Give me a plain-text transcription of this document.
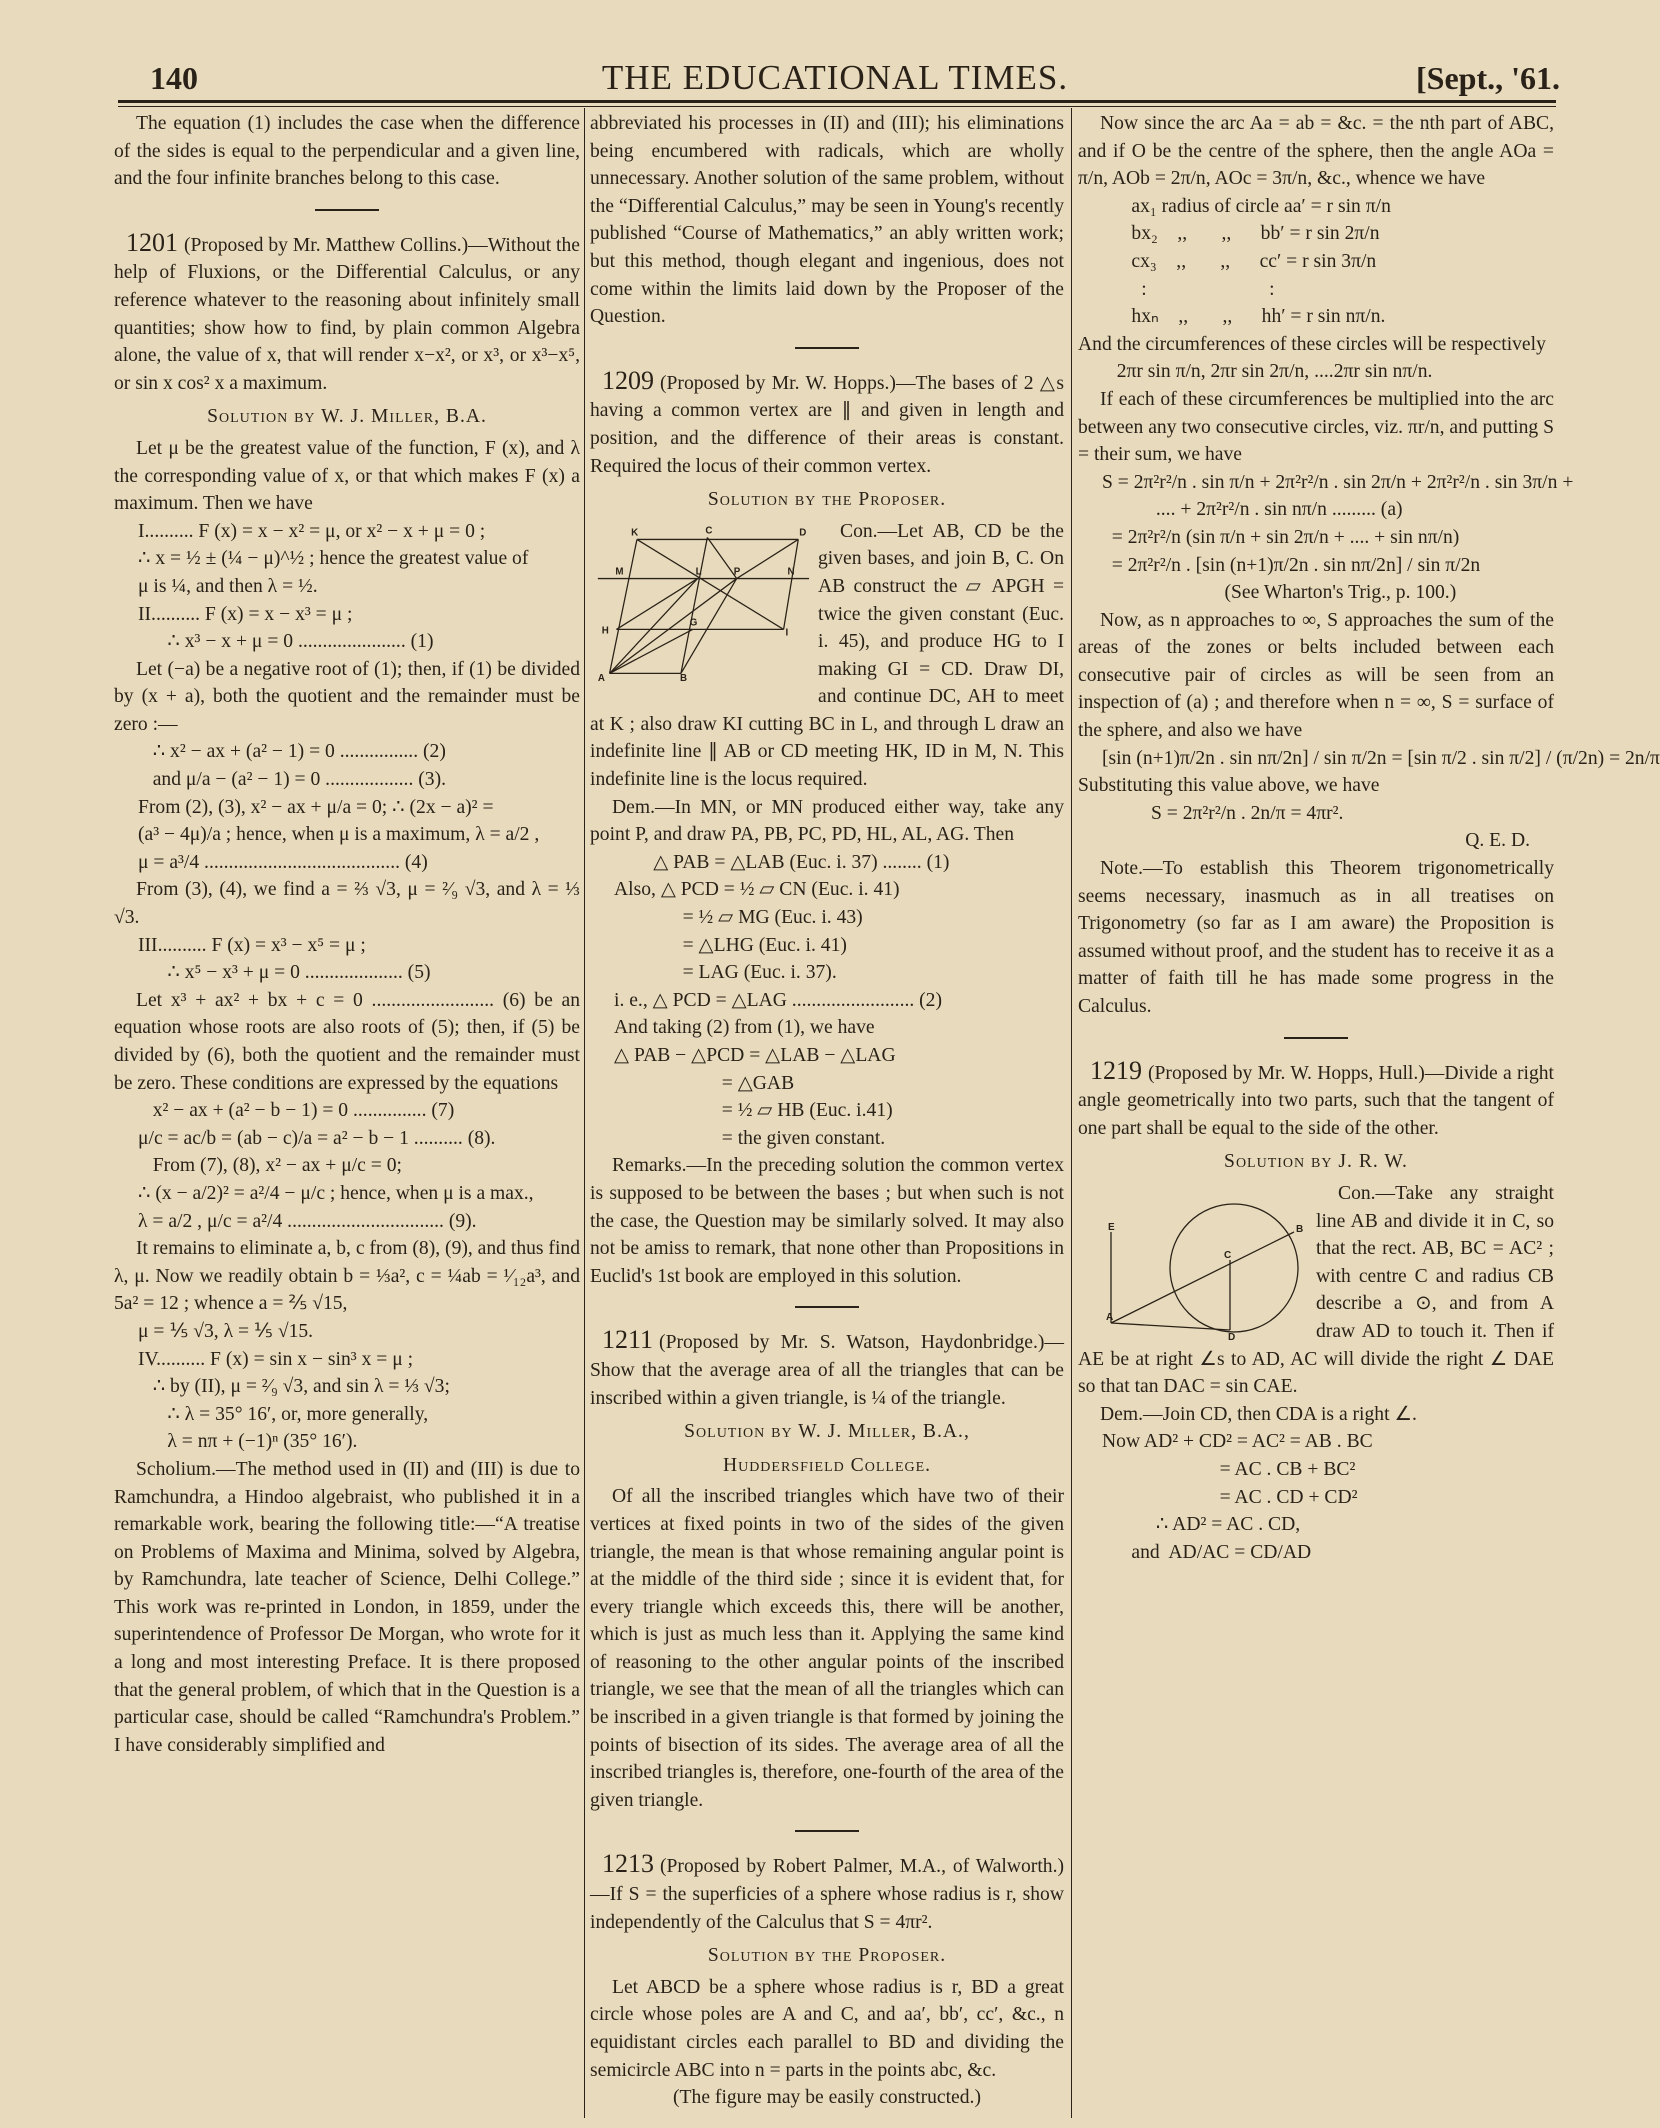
140	THE EDUCATIONAL TIMES.	[Sept., '61.

The equation (1) includes the case when the difference of the sides is equal to the perpendicular and a given line, and the four infinite branches belong to this case.

1201 (Proposed by Mr. Matthew Collins.)—Without the help of Fluxions, or the Differential Calculus, or any reference whatever to the reasoning about infinitely small quantities; show how to find, by plain common Algebra alone, the value of x, that will render x−x², or x³, or x³−x⁵, or sin x cos² x a maximum.

Solution by W. J. Miller, B.A.

Let μ be the greatest value of the function, F (x), and λ the corresponding value of x, or that which makes F (x) a maximum. Then we have

I.......... F (x) = x − x² = μ, or x² − x + μ = 0 ;

∴ x = ½ ± (¼ − μ)^½ ; hence the greatest value of

μ is ¼, and then λ = ½.

II.......... F (x) = x − x³ = μ ;

∴ x³ − x + μ = 0 ...................... (1)

Let (−a) be a negative root of (1); then, if (1) be divided by (x + a), both the quotient and the remainder must be zero :—

∴ x² − ax + (a² − 1) = 0 ................ (2)

and μ/a − (a² − 1) = 0 .................. (3).

From (2), (3), x² − ax + μ/a = 0; ∴ (2x − a)² =

(a³ − 4μ)/a ; hence, when μ is a maximum, λ = a/2 ,

μ = a³/4 ........................................ (4)

From (3), (4), we find a = ⅔ √3, μ = ²⁄₉ √3, and λ = ⅓ √3.

III.......... F (x) = x³ − x⁵ = μ ;

∴ x⁵ − x³ + μ = 0 .................... (5)

Let x³ + ax² + bx + c = 0 ......................... (6) be an equation whose roots are also roots of (5); then, if (5) be divided by (6), both the quotient and the remainder must be zero. These conditions are expressed by the equations

x² − ax + (a² − b − 1) = 0 ............... (7)

μ/c = ac/b = (ab − c)/a = a² − b − 1 .......... (8).

From (7), (8), x² − ax + μ/c = 0;

∴ (x − a/2)² = a²/4 − μ/c ; hence, when μ is a max.,

λ = a/2 , μ/c = a²/4 ................................ (9).

It remains to eliminate a, b, c from (8), (9), and thus find λ, μ. Now we readily obtain b = ⅓a², c = ¼ab = ¹⁄₁₂a³, and 5a² = 12 ; whence a = ⅖ √15,

μ = ⅕ √3, λ = ⅕ √15.

IV.......... F (x) = sin x − sin³ x = μ ;

∴ by (II), μ = ²⁄₉ √3, and sin λ = ⅓ √3;

∴ λ = 35° 16′, or, more generally,

λ = nπ + (−1)ⁿ (35° 16′).

Scholium.—The method used in (II) and (III) is due to Ramchundra, a Hindoo algebraist, who published it in a remarkable work, bearing the following title:—“A treatise on Problems of Maxima and Minima, solved by Algebra, by Ramchundra, late teacher of Science, Delhi College.” This work was re-printed in London, in 1859, under the superintendence of Professor De Morgan, who wrote for it a long and most interesting Preface. It is there proposed that the general problem, of which that in the Question is a particular case, should be called “Ramchundra's Problem.” I have considerably simplified and

abbreviated his processes in (II) and (III); his eliminations being encumbered with radicals, which are wholly unnecessary. Another solution of the same problem, without the “Differential Calculus,” may be seen in Young's recently published “Course of Mathematics,” an ably written work; but this method, though elegant and ingenious, does not come within the limits laid down by the Proposer of the Question.

1209 (Proposed by Mr. W. Hopps.)—The bases of 2 △s having a common vertex are ∥ and given in length and position, and the difference of their areas is constant. Required the locus of their common vertex.

Solution by the Proposer.

K	C	D
M	L	P	N
H
G
I
A	B

Con.—Let AB, CD be the given bases, and join B, C. On AB construct the ▱ APGH = twice the given constant (Euc. i. 45), and produce HG to I making GI = CD. Draw DI, and continue DC, AH to meet at K ; also draw KI cutting BC in L, and through L draw an indefinite line ∥ AB or CD meeting HK, ID in M, N. This indefinite line is the locus required.

Dem.—In MN, or MN produced either way, take any point P, and draw PA, PB, PC, PD, HL, AL, AG. Then

△ PAB = △LAB (Euc. i. 37) ........ (1)

Also, △ PCD = ½ ▱ CN (Euc. i. 41)

= ½ ▱ MG (Euc. i. 43)

= △LHG (Euc. i. 41)

= LAG (Euc. i. 37).

i. e., △ PCD = △LAG ......................... (2)

And taking (2) from (1), we have

△ PAB − △PCD = △LAB − △LAG

= △GAB

= ½ ▱ HB (Euc. i.41)

= the given constant.

Remarks.—In the preceding solution the common vertex is supposed to be between the bases ; but when such is not the case, the Question may be similarly solved. It may also not be amiss to remark, that none other than Propositions in Euclid's 1st book are employed in this solution.

1211 (Proposed by Mr. S. Watson, Haydonbridge.)—Show that the average area of all the triangles that can be inscribed within a given triangle, is ¼ of the triangle.

Solution by W. J. Miller, B.A.,

Huddersfield College.

Of all the inscribed triangles which have two of their vertices at fixed points in two of the sides of the given triangle, the mean is that whose remaining angular point is at the middle of the third side ; since it is evident that, for every triangle which exceeds this, there will be another, which is just as much less than it. Applying the same kind of reasoning to the other angular points of the inscribed triangle, we see that the mean of all the triangles which can be inscribed in a given triangle is that formed by joining the points of bisection of its sides. The average area of all the inscribed triangles is, therefore, one-fourth of the area of the given triangle.

1213 (Proposed by Robert Palmer, M.A., of Walworth.)—If S = the superficies of a sphere whose radius is r, show independently of the Calculus that S = 4πr².

Solution by the Proposer.

Let ABCD be a sphere whose radius is r, BD a great circle whose poles are A and C, and aa′, bb′, cc′, &c., n equidistant circles each parallel to BD and dividing the semicircle ABC into n = parts in the points abc, &c.

(The figure may be easily constructed.)

Now since the arc Aa = ab = &c. = the nth part of ABC, and if O be the centre of the sphere, then the angle AOa = π/n, AOb = 2π/n, AOc = 3π/n, &c., whence we have

ax₁ radius of circle aa′ = r sin π/n

bx₂    ,,       ,,      bb′ = r sin 2π/n

cx₃    ,,       ,,      cc′ = r sin 3π/n

:                         :

hxₙ    ,,       ,,      hh′ = r sin nπ/n.

And the circumferences of these circles will be respectively

2πr sin π/n, 2πr sin 2π/n, ....2πr sin nπ/n.

If each of these circumferences be multiplied into the arc between any two consecutive circles, viz. πr/n, and putting S = their sum, we have

S = 2π²r²/n . sin π/n + 2π²r²/n . sin 2π/n + 2π²r²/n . sin 3π/n +

.... + 2π²r²/n . sin nπ/n ......... (a)

= 2π²r²/n (sin π/n + sin 2π/n + .... + sin nπ/n)

= 2π²r²/n . [sin (n+1)π/2n . sin nπ/2n] / sin π/2n

(See Wharton's Trig., p. 100.)

Now, as n approaches to ∞, S approaches the sum of the areas of the zones or belts included between each consecutive pair of circles as will be seen from an inspection of (a) ; and therefore when n = ∞, S = surface of the sphere, and also we have

[sin (n+1)π/2n . sin nπ/2n] / sin π/2n = [sin π/2 . sin π/2] / (π/2n) = 2n/π

Substituting this value above, we have

S = 2π²r²/n . 2n/π = 4πr².

Q. E. D.

Note.—To establish this Theorem trigonometrically seems necessary, inasmuch as in all treatises on Trigonometry (so far as I am aware) the Proposition is assumed without proof, and the student has to receive it as a matter of faith till he has made some progress in the Calculus.

1219 (Proposed by Mr. W. Hopps, Hull.)—Divide a right angle geometrically into two parts, such that the tangent of one part shall be equal to the side of the other.

Solution by J. R. W.

E
C
B
A
D

Con.—Take any straight line AB and divide it in C, so that the rect. AB, BC = AC² ; with centre C and radius CB describe a ⊙, and from A draw AD to touch it. Then if AE be at right ∠s to AD, AC will divide the right ∠ DAE so that tan DAC = sin CAE.

Dem.—Join CD, then CDA is a right ∠.

Now AD² + CD² = AC² = AB . BC

= AC . CB + BC²

= AC . CD + CD²

∴ AD² = AC . CD,

and  AD/AC = CD/AD
